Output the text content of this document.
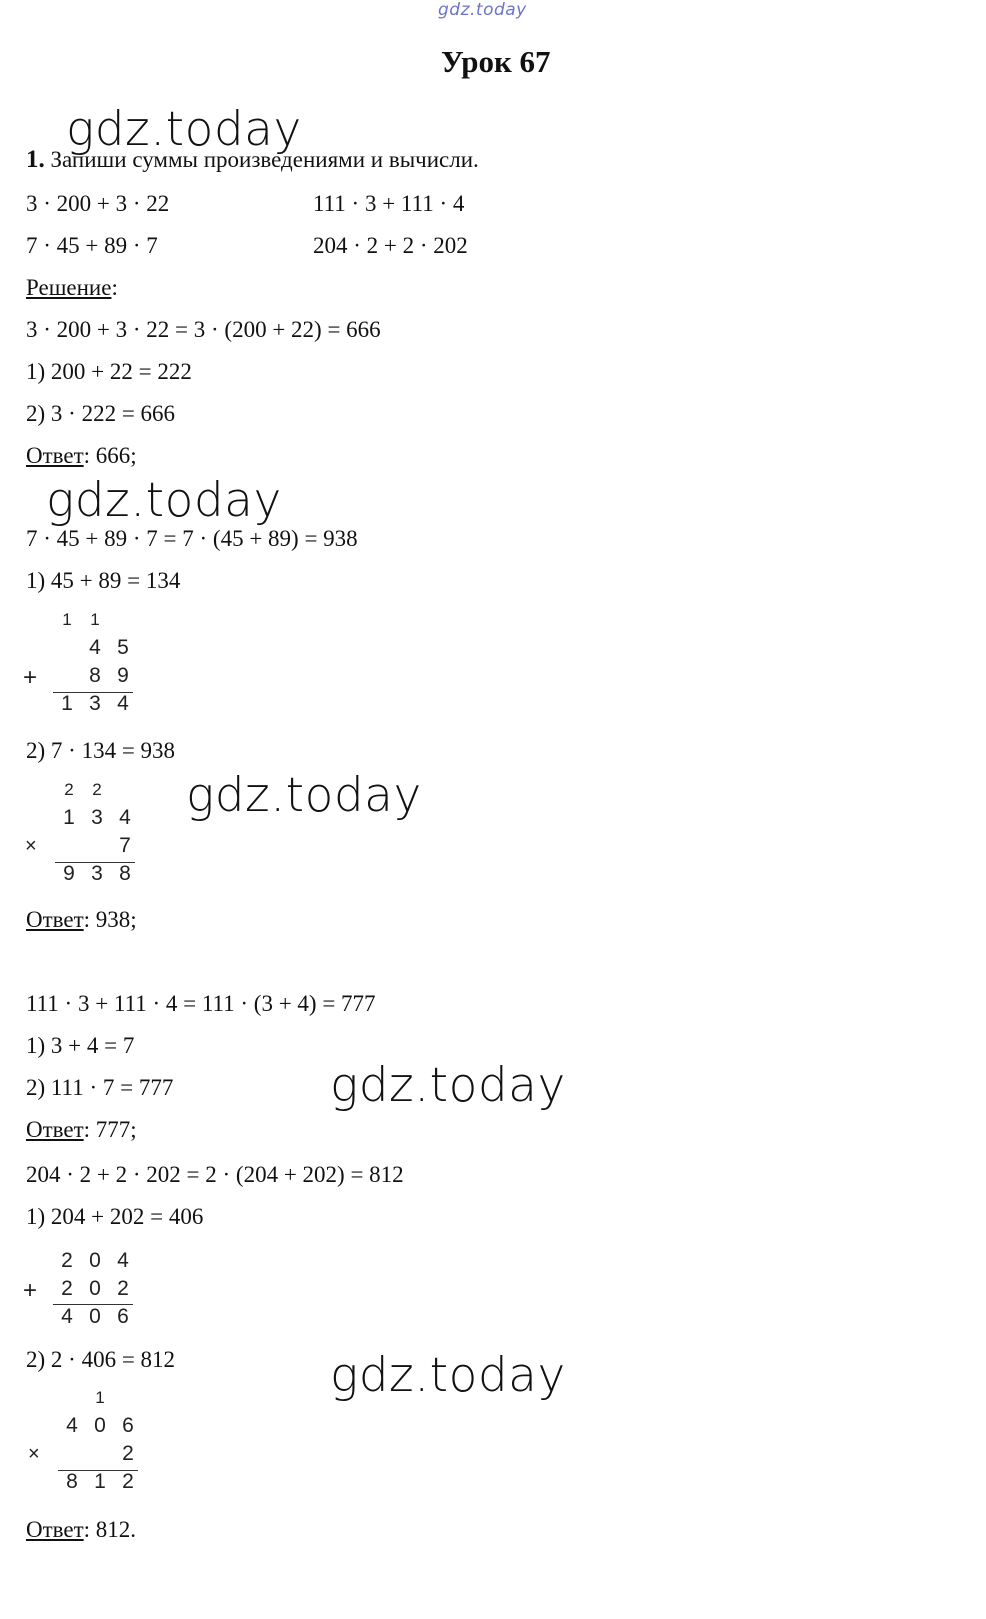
gdz.today
Урок 67
gdz.today
1. Запиши суммы произведениями и вычисли.
3 · 200 + 3 · 22	111 · 3 + 111 · 4
7 · 45 + 89 · 7	204 · 2 + 2 · 202
Решение:
3 · 200 + 3 · 22 = 3 · (200 + 22) = 666
1) 200 + 22 = 222
2) 3 · 222 = 666
Ответ: 666;
gdz.today
7 · 45 + 89 · 7 = 7 · (45 + 89) = 938
1) 45 + 89 = 134
1	1
4 5
+	8 9
1 3 4
2) 7 · 134 = 938
gdz.today
2	2
1 3 4
×	7
9 3 8
Ответ: 938;
111 · 3 + 111 · 4 = 111 · (3 + 4) = 777
1) 3 + 4 = 7
2) 111 · 7 = 777	gdz.today
Ответ: 777;
204 · 2 + 2 · 202 = 2 · (204 + 202) = 812
1) 204 + 202 = 406
2 0 4
+	2 0 2
4 0 6
2) 2 · 406 = 812	gdz.today
1
4 0 6
×	2
8 1 2
Ответ: 812.
